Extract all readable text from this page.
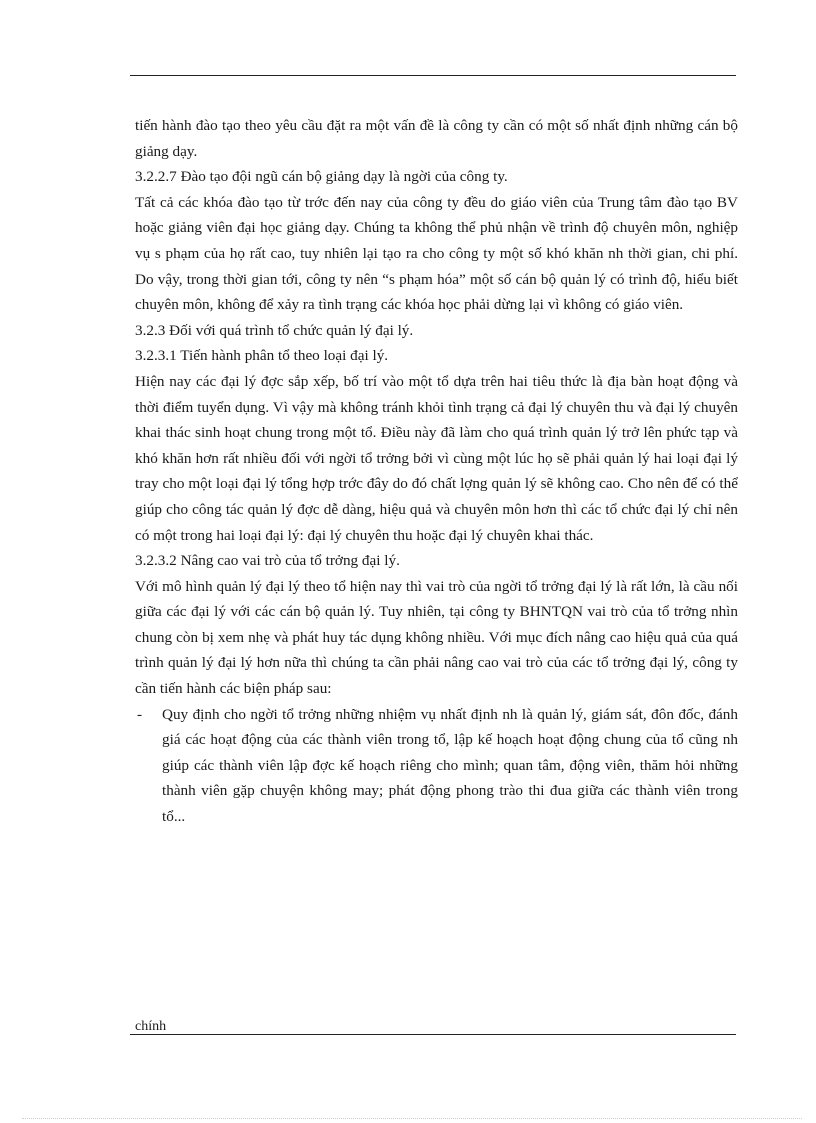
tiến hành đào tạo theo yêu cầu đặt ra một vấn đề là công ty cần có một số nhất định những cán bộ giảng dạy.

3.2.2.7 Đào tạo đội ngũ cán bộ giảng dạy là ngời của công ty.

Tất cả các khóa đào tạo từ trớc đến nay của công ty đều do giáo viên của Trung tâm đào tạo BV hoặc giảng viên đại học giảng dạy. Chúng ta không thể phủ nhận về trình độ chuyên môn, nghiệp vụ s phạm của họ rất cao, tuy nhiên lại tạo ra cho công ty một số khó khăn nh thời gian, chi phí. Do vậy, trong thời gian tới, công ty nên “s phạm hóa” một số cán bộ quản lý có trình độ, hiểu biết chuyên môn, không để xảy ra tình trạng các khóa học phải dừng lại vì không có giáo viên.

3.2.3 Đối với quá trình tổ chức quản lý đại lý.

3.2.3.1 Tiến hành phân tổ theo loại đại lý.

Hiện nay các đại lý đợc sắp xếp, bố trí vào một tổ dựa trên hai tiêu thức là địa bàn hoạt động và thời điểm tuyển dụng. Vì vậy mà không tránh khỏi tình trạng cả đại lý chuyên thu và đại lý chuyên khai thác sinh hoạt chung trong một tổ. Điều này đã làm cho quá trình quản lý trở lên phức tạp và khó khăn hơn rất nhiều đối với ngời tổ trởng bởi vì cùng một lúc họ sẽ phải quản lý hai loại đại lý tray cho một loại đại lý tổng hợp trớc đây do đó chất lợng quản lý sẽ không cao. Cho nên để có thể giúp cho công tác quản lý đợc dễ dàng, hiệu quả và chuyên môn hơn thì các tổ chức đại lý chỉ nên có một trong hai loại đại lý: đại lý chuyên thu hoặc đại lý chuyên khai thác.

3.2.3.2 Nâng cao vai trò của tổ trởng đại lý.

Với mô hình quản lý đại lý theo tổ hiện nay thì vai trò của ngời tổ trởng đại lý là rất lớn, là cầu nối giữa các đại lý với các cán bộ quản lý. Tuy nhiên, tại công ty BHNTQN vai trò của tổ trởng nhìn chung còn bị xem nhẹ và phát huy tác dụng không nhiều. Với mục đích nâng cao hiệu quả của quá trình quản lý đại lý hơn nữa thì chúng ta cần phải nâng cao vai trò của các tổ trởng đại lý, công ty cần tiến hành các biện pháp sau:

- Quy định cho ngời tổ trởng những nhiệm vụ nhất định nh là quản lý, giám sát, đôn đốc, đánh giá các hoạt động của các thành viên trong tổ, lập kế hoạch hoạt động chung của tổ cũng nh giúp các thành viên lập đợc kế hoạch riêng cho mình; quan tâm, động viên, thăm hỏi những thành viên gặp chuyện không may; phát động phong trào thi đua giữa các thành viên trong tổ...
chính
